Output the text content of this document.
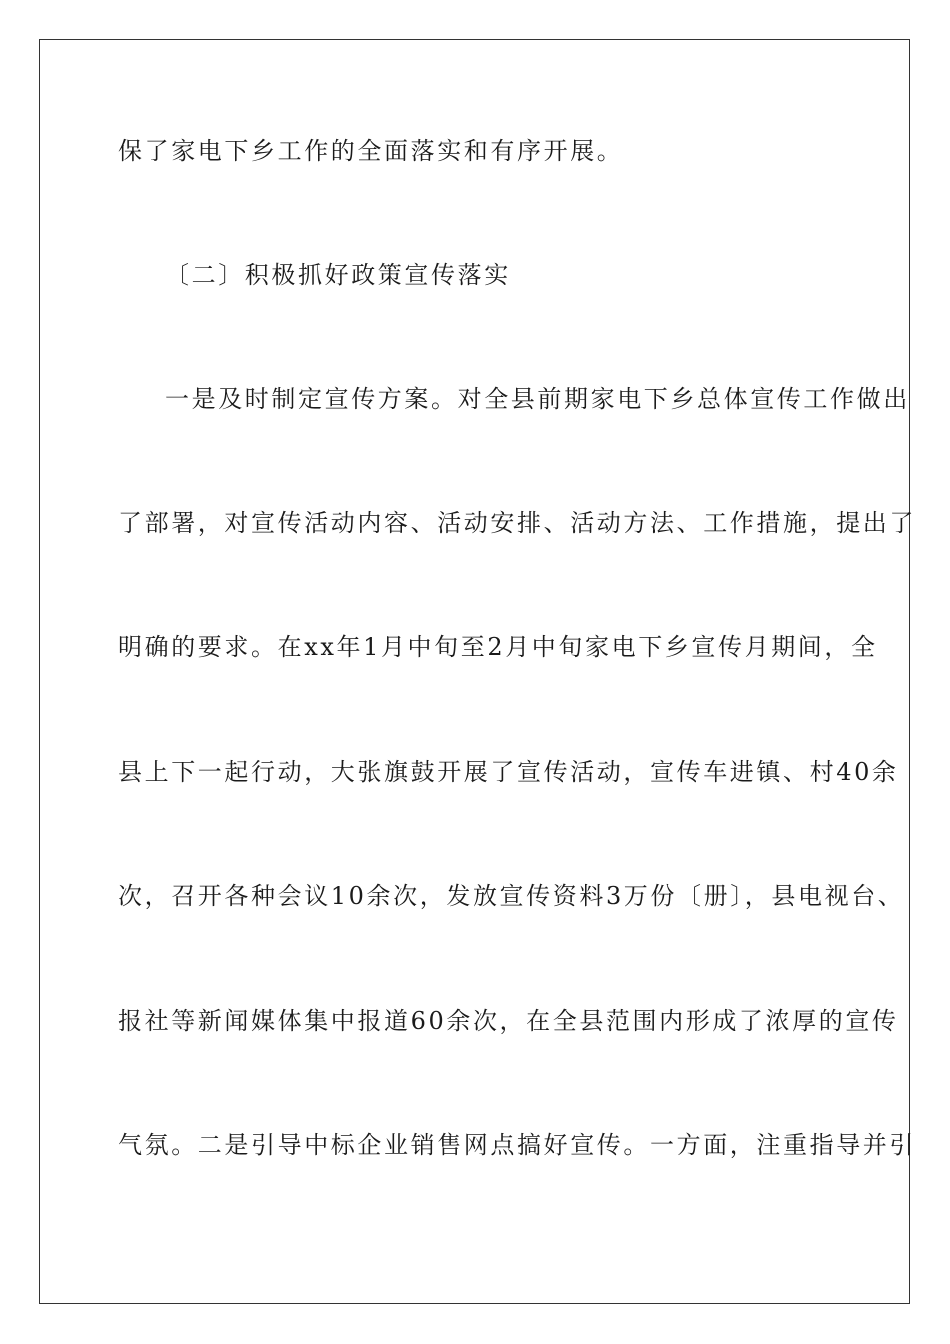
保了家电下乡工作的全面落实和有序开展。
〔二〕积极抓好政策宣传落实
一是及时制定宣传方案。对全县前期家电下乡总体宣传工作做出
了部署，对宣传活动内容、活动安排、活动方法、工作措施，提出了
明确的要求。在xx年1月中旬至2月中旬家电下乡宣传月期间，全
县上下一起行动，大张旗鼓开展了宣传活动，宣传车进镇、村40余
次，召开各种会议10余次，发放宣传资料3万份〔册〕，县电视台、
报社等新闻媒体集中报道60余次，在全县范围内形成了浓厚的宣传
气氛。二是引导中标企业销售网点搞好宣传。一方面，注重指导并引
